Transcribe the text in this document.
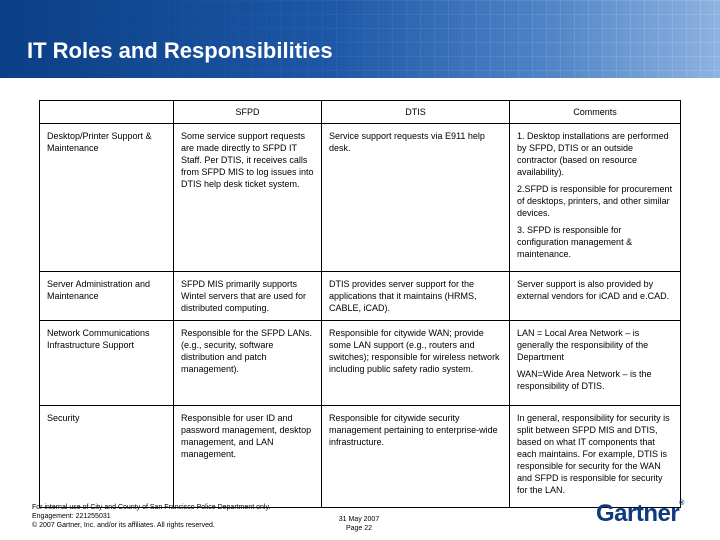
IT Roles and Responsibilities
	SFPD	DTIS	Comments
Desktop/Printer Support & Maintenance	Some service support requests are made directly to SFPD IT Staff. Per DTIS, it receives calls from SFPD MIS to log issues into DTIS help desk ticket system.	Service support requests via E911 help desk.	1. Desktop installations are performed by SFPD, DTIS or an outside contractor (based on resource availability).

2.SFPD is responsible for procurement of desktops, printers, and other similar devices.

3. SFPD is responsible for configuration management & maintenance.

Server Administration and Maintenance	SFPD MIS primarily supports Wintel servers that are used for distributed computing.	DTIS provides server support for the applications that it maintains (HRMS, CABLE, iCAD).	Server support is also provided by external vendors for iCAD and e.CAD.

Network Communications Infrastructure Support	Responsible for the SFPD LANs. (e.g., security, software distribution and patch management).	Responsible for citywide WAN; provide some LAN support (e.g., routers and switches); responsible for wireless network including public safety radio system.	LAN = Local Area Network – is generally the responsibility of the Department

WAN=Wide Area Network – is the responsibility of DTIS.

Security	Responsible for user ID and password management, desktop management, and LAN management.	Responsible for citywide security management pertaining to enterprise-wide infrastructure.	In general, responsibility for security is split between SFPD MIS and DTIS, based on what IT components that each maintains. For example, DTIS is responsible for security for the WAN and SFPD is responsible for security for the LAN.

For internal use of City and County of San Francisco Police Department only.
Engagement: 221255031
© 2007 Gartner, Inc. and/or its affiliates. All rights reserved.
31 May 2007
Page 22
Gartner®
